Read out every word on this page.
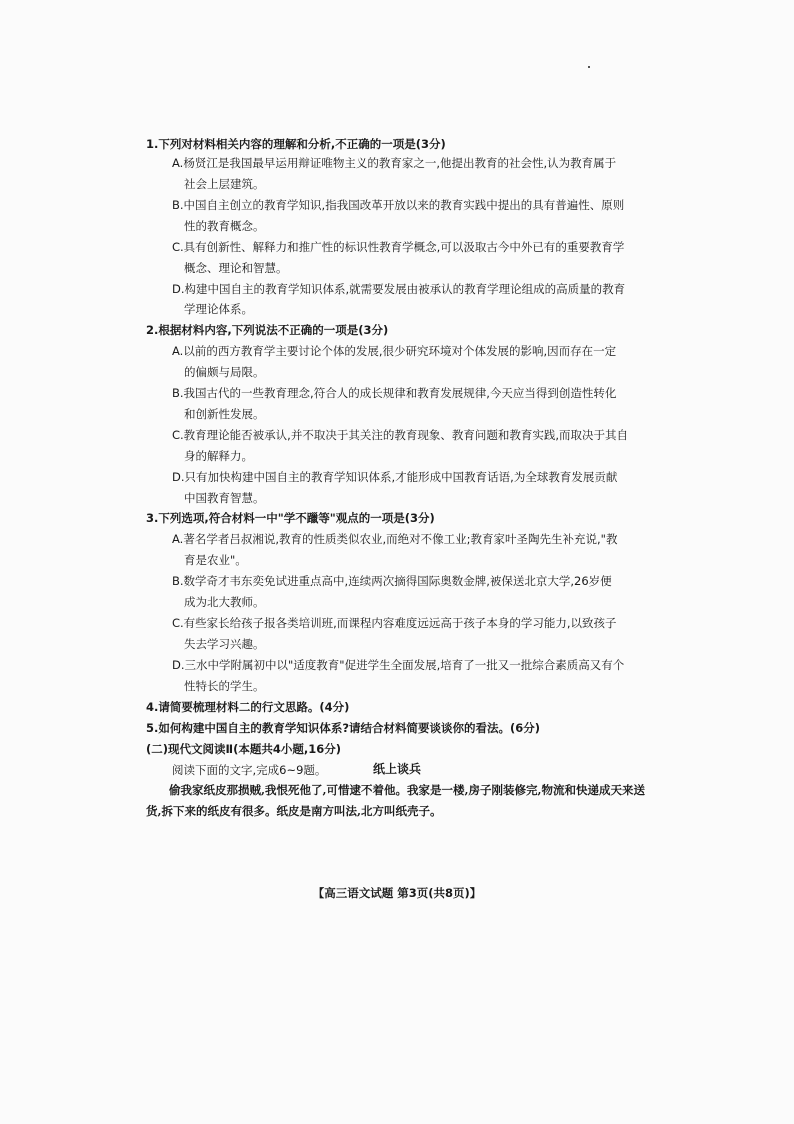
1.下列对材料相关内容的理解和分析,不正确的一项是(3分)
A.杨贤江是我国最早运用辩证唯物主义的教育家之一,他提出教育的社会性,认为教育属于
社会上层建筑。
B.中国自主创立的教育学知识,指我国改革开放以来的教育实践中提出的具有普遍性、原则
性的教育概念。
C.具有创新性、解释力和推广性的标识性教育学概念,可以汲取古今中外已有的重要教育学
概念、理论和智慧。
D.构建中国自主的教育学知识体系,就需要发展由被承认的教育学理论组成的高质量的教育
学理论体系。
2.根据材料内容,下列说法不正确的一项是(3分)
A.以前的西方教育学主要讨论个体的发展,很少研究环境对个体发展的影响,因而存在一定
的偏颇与局限。
B.我国古代的一些教育理念,符合人的成长规律和教育发展规律,今天应当得到创造性转化
和创新性发展。
C.教育理论能否被承认,并不取决于其关注的教育现象、教育问题和教育实践,而取决于其自
身的解释力。
D.只有加快构建中国自主的教育学知识体系,才能形成中国教育话语,为全球教育发展贡献
中国教育智慧。
3.下列选项,符合材料一中"学不躐等"观点的一项是(3分)
A.著名学者吕叔湘说,教育的性质类似农业,而绝对不像工业;教育家叶圣陶先生补充说,"教
育是农业"。
B.数学奇才韦东奕免试进重点高中,连续两次摘得国际奥数金牌,被保送北京大学,26岁便
成为北大教师。
C.有些家长给孩子报各类培训班,而课程内容难度远远高于孩子本身的学习能力,以致孩子
失去学习兴趣。
D.三水中学附属初中以"适度教育"促进学生全面发展,培育了一批又一批综合素质高又有个
性特长的学生。
4.请简要梳理材料二的行文思路。(4分)
5.如何构建中国自主的教育学知识体系?请结合材料简要谈谈你的看法。(6分)
(二)现代文阅读Ⅱ(本题共4小题,16分)
阅读下面的文字,完成6~9题。	纸上谈兵
偷我家纸皮那损贼,我恨死他了,可惜逮不着他。我家是一楼,房子刚装修完,物流和快递成天来送货,拆下来的纸皮有很多。纸皮是南方叫法,北方叫纸壳子。
【高三语文试题 第3页(共8页)】
